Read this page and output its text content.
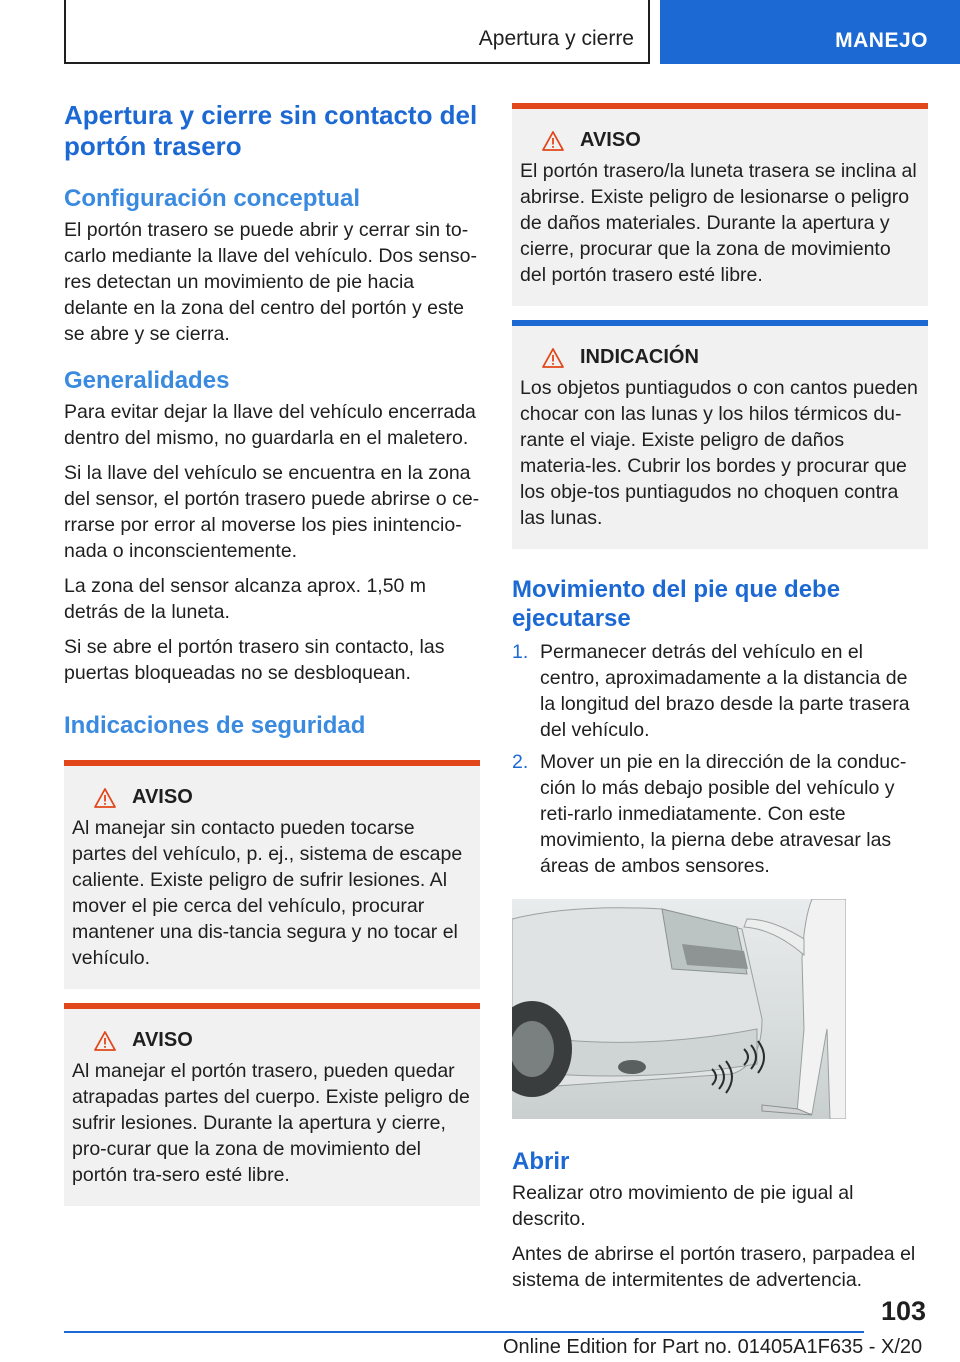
Apertura y cierre	MANEJO
Apertura y cierre sin contacto del portón trasero
Configuración conceptual

El portón trasero se puede abrir y cerrar sin to-carlo mediante la llave del vehículo. Dos senso-res detectan un movimiento de pie hacia delante en la zona del centro del portón y este se abre y se cierra.

Generalidades

Para evitar dejar la llave del vehículo encerrada dentro del mismo, no guardarla en el maletero.

Si la llave del vehículo se encuentra en la zona del sensor, el portón trasero puede abrirse o ce-rrarse por error al moverse los pies inintencio-nada o inconscientemente.

La zona del sensor alcanza aprox. 1,50 m detrás de la luneta.

Si se abre el portón trasero sin contacto, las puertas bloqueadas no se desbloquean.

Indicaciones de seguridad
AVISO

Al manejar sin contacto pueden tocarse partes del vehículo, p. ej., sistema de escape caliente. Existe peligro de sufrir lesiones. Al mover el pie cerca del vehículo, procurar mantener una dis-tancia segura y no tocar el vehículo.

AVISO

Al manejar el portón trasero, pueden quedar atrapadas partes del cuerpo. Existe peligro de sufrir lesiones. Durante la apertura y cierre, pro-curar que la zona de movimiento del portón tra-sero esté libre.

AVISO

El portón trasero/la luneta trasera se inclina al abrirse. Existe peligro de lesionarse o peligro de daños materiales. Durante la apertura y cierre, procurar que la zona de movimiento del portón trasero esté libre.

INDICACIÓN

Los objetos puntiagudos o con cantos pueden chocar con las lunas y los hilos térmicos du-rante el viaje. Existe peligro de daños materia-les. Cubrir los bordes y procurar que los obje-tos puntiagudos no choquen contra las lunas.

Movimiento del pie que debe ejecutarse
1. Permanecer detrás del vehículo en el centro, aproximadamente a la distancia de la longitud del brazo desde la parte trasera del vehículo.
2. Mover un pie en la dirección de la conduc-ción lo más debajo posible del vehículo y reti-rarlo inmediatamente. Con este movimiento, la pierna debe atravesar las áreas de ambos sensores.
Abrir

Realizar otro movimiento de pie igual al descrito.

Antes de abrirse el portón trasero, parpadea el sistema de intermitentes de advertencia.

103
Online Edition for Part no. 01405A1F635 - X/20
